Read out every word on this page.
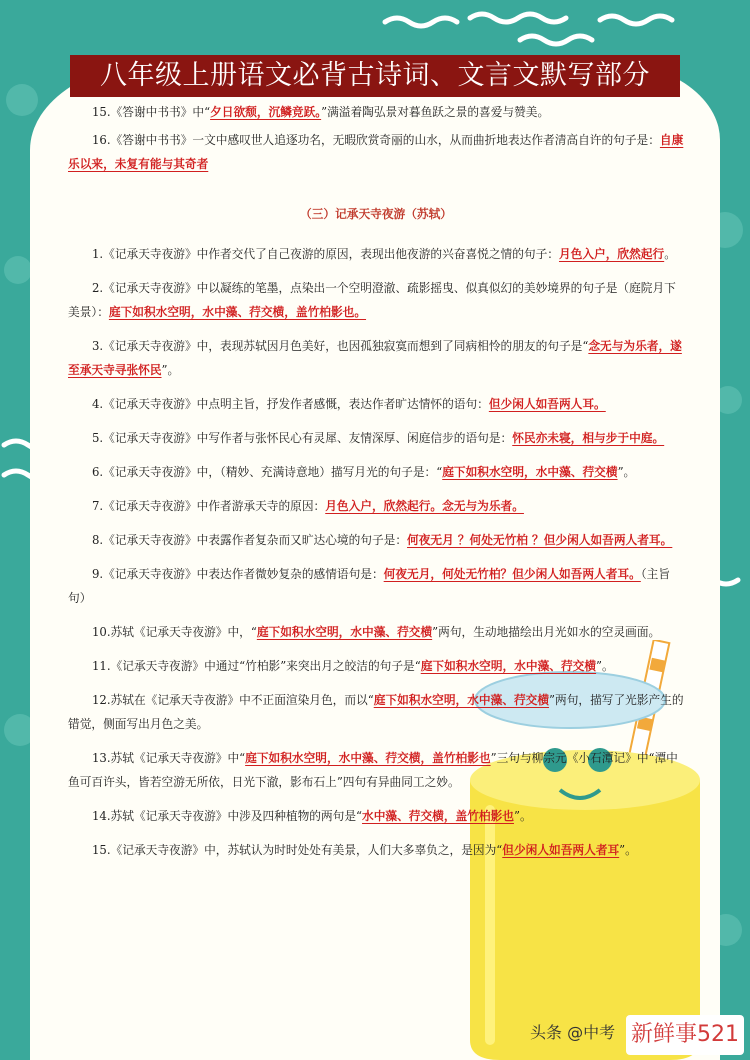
八年级上册语文必背古诗词、文言文默写部分

15.《答谢中书书》中“夕日欲颓，沉鳞竞跃。”满溢着陶弘景对暮鱼跃之景的喜爱与赞美。

16.《答谢中书书》一文中感叹世人追逐功名，无暇欣赏奇丽的山水，从而曲折地表达作者清高自许的句子是：自康乐以来，未复有能与其奇者

（三）记承天寺夜游（苏轼）

1.《记承天寺夜游》中作者交代了自己夜游的原因，表现出他夜游的兴奋喜悦之情的句子：月色入户，欣然起行。

2.《记承天寺夜游》中以凝练的笔墨，点染出一个空明澄澈、疏影摇曳、似真似幻的美妙境界的句子是（庭院月下美景）：庭下如积水空明，水中藻、荇交横，盖竹柏影也。

3.《记承天寺夜游》中，表现苏轼因月色美好，也因孤独寂寞而想到了同病相怜的朋友的句子是“念无与为乐者，遂至承天寺寻张怀民”。

4.《记承天寺夜游》中点明主旨，抒发作者感慨，表达作者旷达情怀的语句：但少闲人如吾两人耳。

5.《记承天寺夜游》中写作者与张怀民心有灵犀、友情深厚、闲庭信步的语句是：怀民亦未寝，相与步于中庭。

6.《记承天寺夜游》中，（精妙、充满诗意地）描写月光的句子是：“庭下如积水空明，水中藻、荇交横”。

7.《记承天寺夜游》中作者游承天寺的原因：月色入户，欣然起行。念无与为乐者。

8.《记承天寺夜游》中表露作者复杂而又旷达心境的句子是：何夜无月 ？何处无竹柏 ？但少闲人如吾两人者耳。

9.《记承天寺夜游》中表达作者微妙复杂的感情语句是：何夜无月，何处无竹柏？但少闲人如吾两人者耳。（主旨句）

10.苏轼《记承天寺夜游》中，“庭下如积水空明，水中藻、荇交横”两句，生动地描绘出月光如水的空灵画面。

11.《记承天寺夜游》中通过“竹柏影”来突出月之皎洁的句子是“庭下如积水空明，水中藻、荇交横”。

12.苏轼在《记承天寺夜游》中不正面渲染月色，而以“庭下如积水空明，水中藻、荇交横”两句，描写了光影产生的错觉，侧面写出月色之美。

13.苏轼《记承天寺夜游》中“庭下如积水空明，水中藻、荇交横，盖竹柏影也”三句与柳宗元《小石潭记》中“潭中鱼可百许头，皆若空游无所依，日光下澈，影布石上”四句有异曲同工之妙。

14.苏轼《记承天寺夜游》中涉及四种植物的两句是“水中藻、荇交横，盖竹柏影也”。

15.《记承天寺夜游》中，苏轼认为时时处处有美景，人们大多辜负之，是因为“但少闲人如吾两人者耳”。

头条 @中考 新鲜事521
